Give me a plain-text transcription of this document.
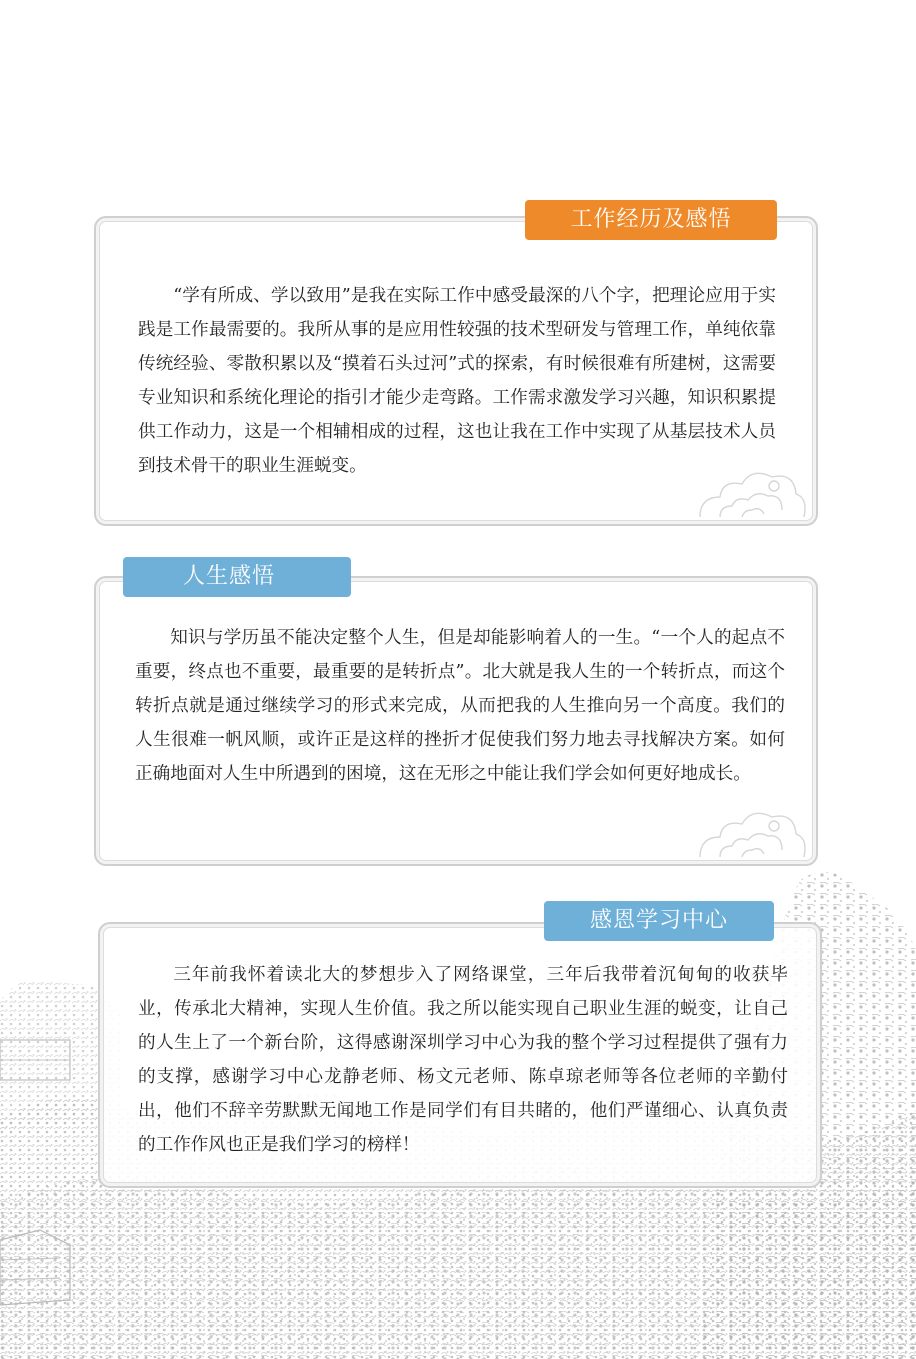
工作经历及感悟

“学有所成、学以致用”是我在实际工作中感受最深的八个字，把理论应用于实践是工作最需要的。我所从事的是应用性较强的技术型研发与管理工作，单纯依靠传统经验、零散积累以及“摸着石头过河”式的探索，有时候很难有所建树，这需要专业知识和系统化理论的指引才能少走弯路。工作需求激发学习兴趣，知识积累提供工作动力，这是一个相辅相成的过程，这也让我在工作中实现了从基层技术人员到技术骨干的职业生涯蜕变。

人生感悟

知识与学历虽不能决定整个人生，但是却能影响着人的一生。“一个人的起点不重要，终点也不重要，最重要的是转折点”。北大就是我人生的一个转折点，而这个转折点就是通过继续学习的形式来完成，从而把我的人生推向另一个高度。我们的人生很难一帆风顺，或许正是这样的挫折才促使我们努力地去寻找解决方案。如何正确地面对人生中所遇到的困境，这在无形之中能让我们学会如何更好地成长。

感恩学习中心

三年前我怀着读北大的梦想步入了网络课堂，三年后我带着沉甸甸的收获毕业，传承北大精神，实现人生价值。我之所以能实现自己职业生涯的蜕变，让自己的人生上了一个新台阶，这得感谢深圳学习中心为我的整个学习过程提供了强有力的支撑，感谢学习中心龙静老师、杨文元老师、陈卓琼老师等各位老师的辛勤付出，他们不辞辛劳默默无闻地工作是同学们有目共睹的，他们严谨细心、认真负责的工作作风也正是我们学习的榜样！
